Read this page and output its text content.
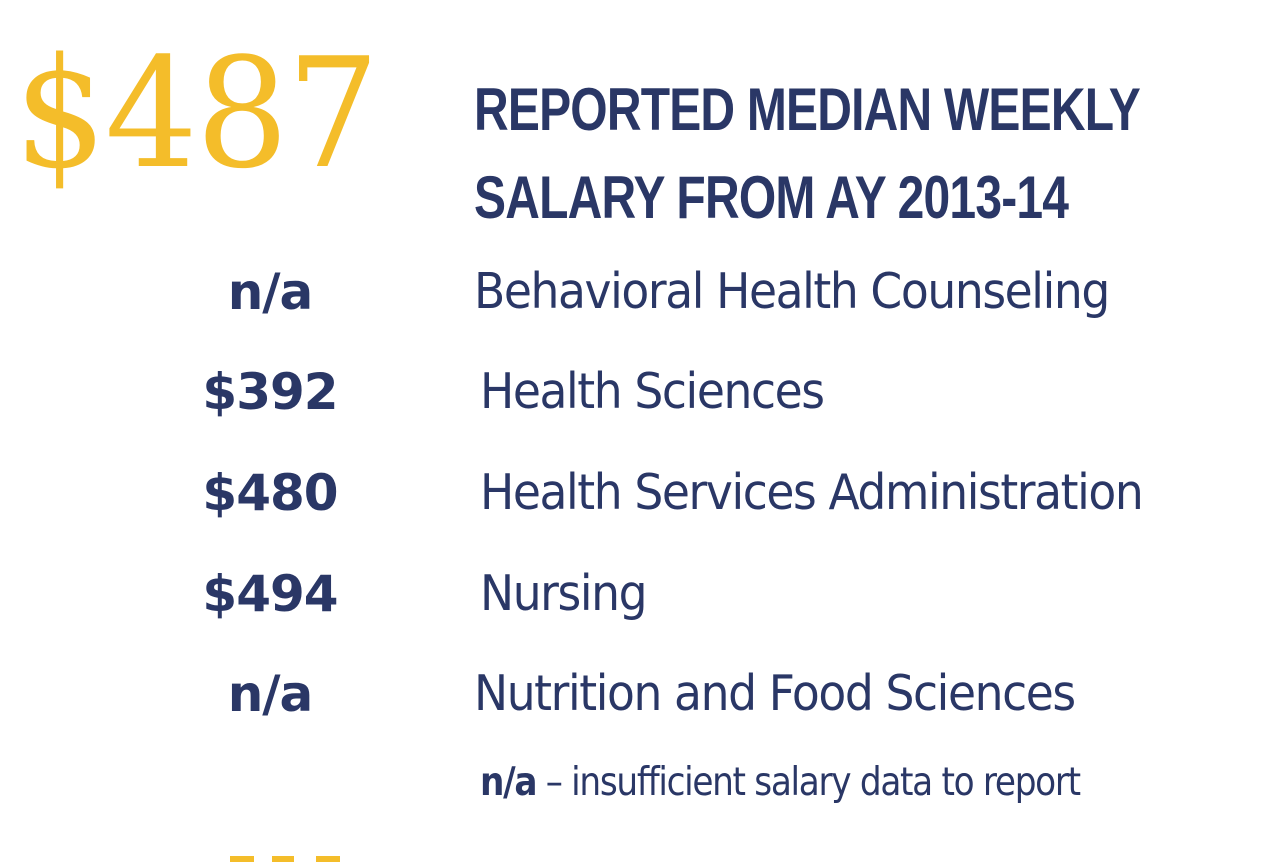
$487 REPORTED MEDIAN WEEKLY
SALARY FROM AY 2013-14
n/a	Behavioral Health Counseling
$392	Health Sciences
$480	Health Services Administration
$494	Nursing
n/a	Nutrition and Food Sciences
n/a – insufficient salary data to report
